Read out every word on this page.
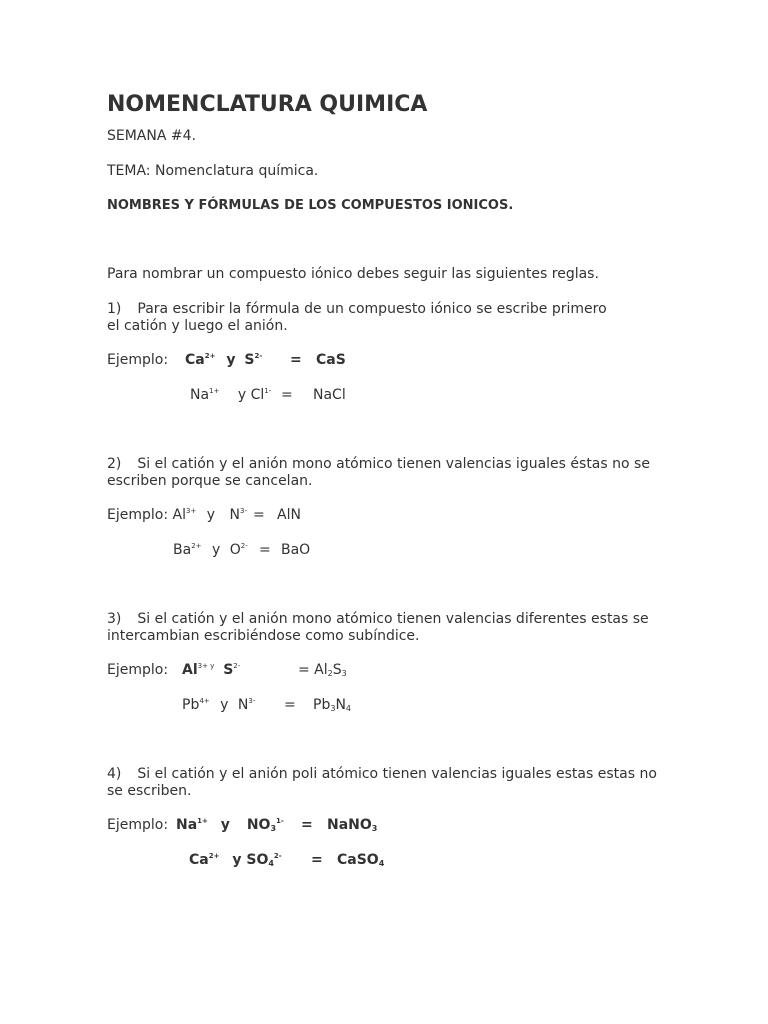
NOMENCLATURA QUIMICA
SEMANA #4.
TEMA: Nomenclatura química.
NOMBRES Y FÓRMULAS DE LOS COMPUESTOS IONICOS.
Para nombrar un compuesto iónico debes seguir las siguientes reglas.
1) Para escribir la fórmula de un compuesto iónico se escribe primero
el catión y luego el anión.
Ejemplo: $Ca^{2+}$ y $S^{2-}$ = CaS
$Na^{1+}$ y $Cl^{1-}$ = NaCl
2) Si el catión y el anión mono atómico tienen valencias iguales éstas no se
escriben porque se cancelan.
Ejemplo: $Al^{3+}$ y $N^{3-}$ = AlN
$Ba^{2+}$ y $O^{2-}$ = BaO
3) Si el catión y el anión mono atómico tienen valencias diferentes estas se
intercambian escribiéndose como subíndice.
Ejemplo: $Al^{3+ y}$ $S^{2-}$	= $Al_2S_3$
$Pb^{4+}$ y $N^{3-} = Pb_3N_4$
4) Si el catión y el anión poli atómico tienen valencias iguales estas estas no
se escriben.
Ejemplo: $Na^{1+}$ y $NO_3^{1-}$ = NaNO$_3$
$Ca^{2+}$ y $SO_4^{2-}$ = CaSO$_4$
